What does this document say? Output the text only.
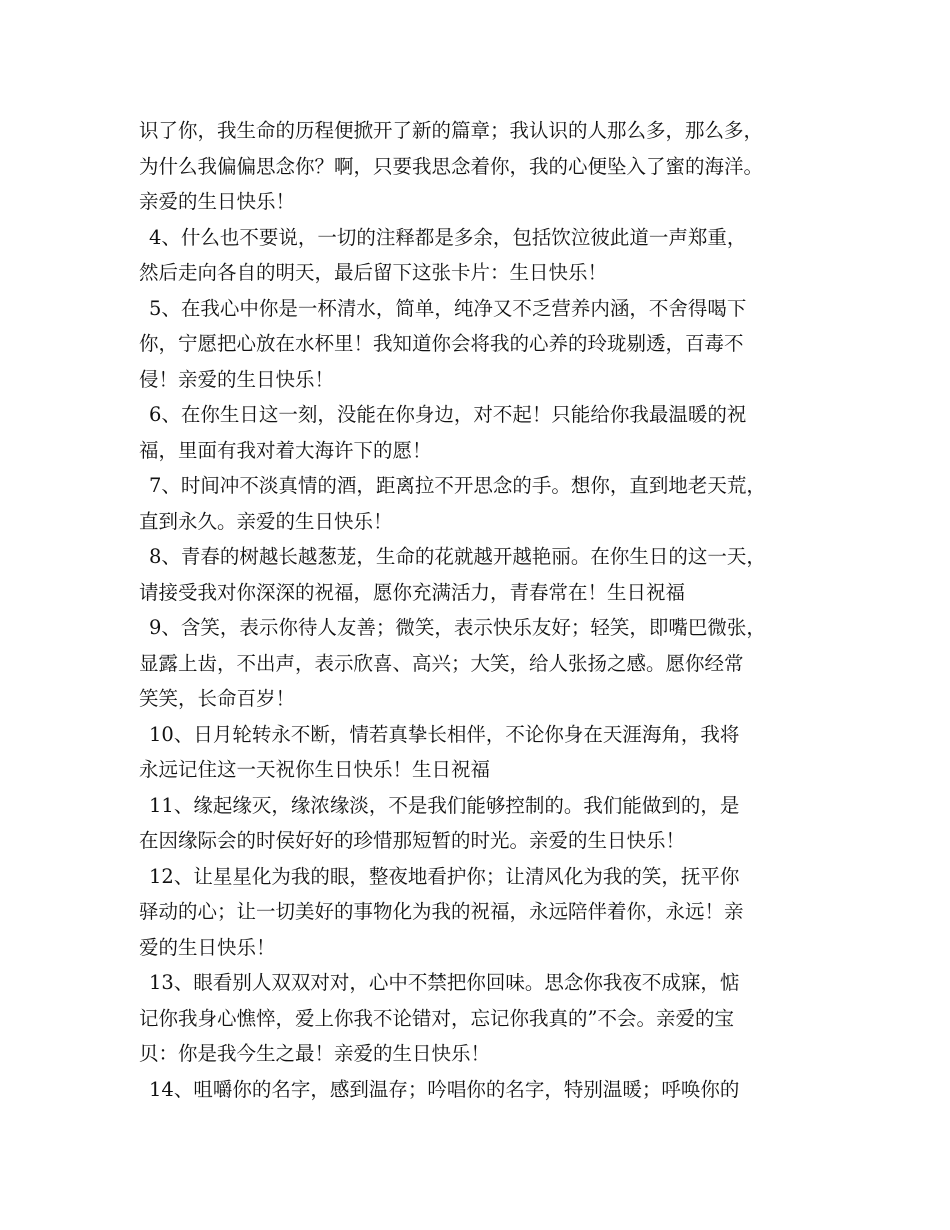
识了你，我生命的历程便掀开了新的篇章；我认识的人那么多，那么多，
为什么我偏偏思念你？啊，只要我思念着你，我的心便坠入了蜜的海洋。
亲爱的生日快乐！
4、什么也不要说，一切的注释都是多余，包括饮泣彼此道一声郑重，
然后走向各自的明天，最后留下这张卡片：生日快乐！
5、在我心中你是一杯清水，简单，纯净又不乏营养内涵，不舍得喝下
你，宁愿把心放在水杯里！我知道你会将我的心养的玲珑剔透，百毒不
侵！亲爱的生日快乐！
6、在你生日这一刻，没能在你身边，对不起！只能给你我最温暖的祝
福，里面有我对着大海许下的愿！
7、时间冲不淡真情的酒，距离拉不开思念的手。想你，直到地老天荒，
直到永久。亲爱的生日快乐！
8、青春的树越长越葱茏，生命的花就越开越艳丽。在你生日的这一天，
请接受我对你深深的祝福，愿你充满活力，青春常在！生日祝福
9、含笑，表示你待人友善；微笑，表示快乐友好；轻笑，即嘴巴微张，
显露上齿，不出声，表示欣喜、高兴；大笑，给人张扬之感。愿你经常
笑笑，长命百岁！
10、日月轮转永不断，情若真挚长相伴，不论你身在天涯海角，我将
永远记住这一天祝你生日快乐！生日祝福
11、缘起缘灭，缘浓缘淡，不是我们能够控制的。我们能做到的，是
在因缘际会的时侯好好的珍惜那短暂的时光。亲爱的生日快乐！
12、让星星化为我的眼，整夜地看护你；让清风化为我的笑，抚平你
驿动的心；让一切美好的事物化为我的祝福，永远陪伴着你，永远！亲
爱的生日快乐！
13、眼看别人双双对对，心中不禁把你回味。思念你我夜不成寐，惦
记你我身心憔悴，爱上你我不论错对，忘记你我真的”不会。亲爱的宝
贝：你是我今生之最！亲爱的生日快乐！
14、咀嚼你的名字，感到温存；吟唱你的名字，特别温暖；呼唤你的
